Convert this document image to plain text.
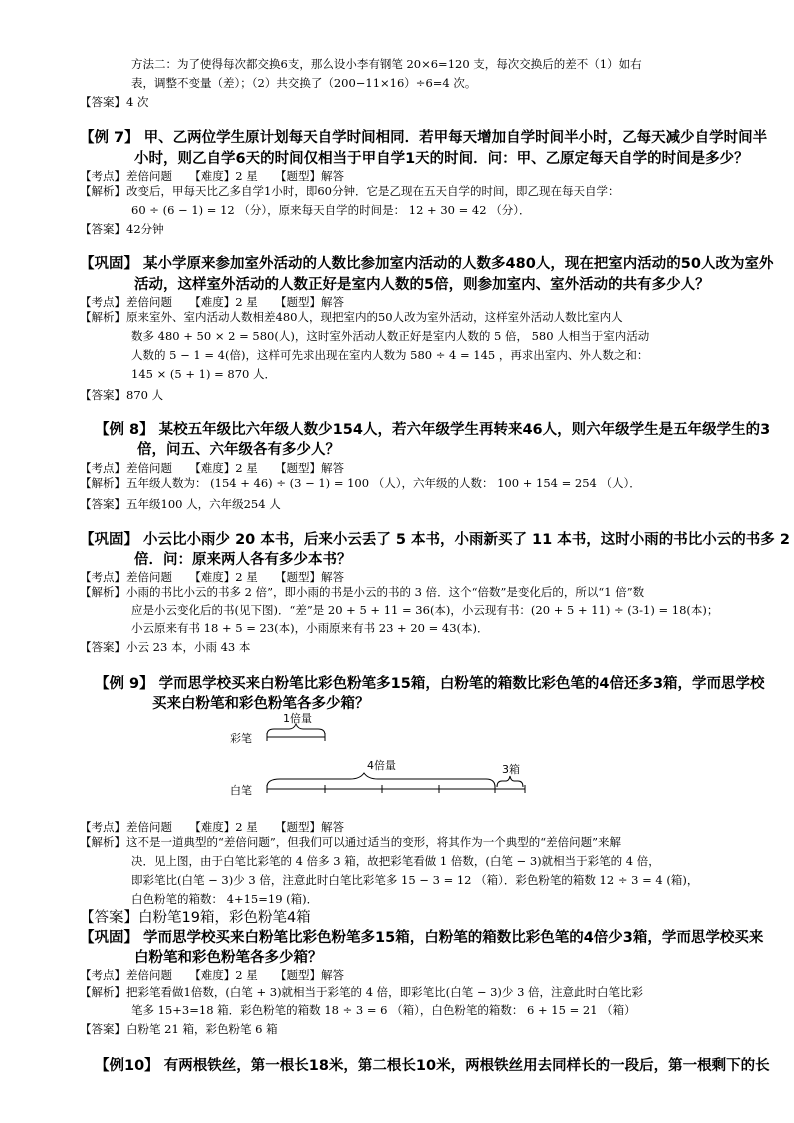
方法二：为了使得每次都交换6支，那么设小李有钢笔 20×6=120 支，每次交换后的差不（1）如右
表，调整不变量（差）；（2）共交换了（200−11×16）÷6=4 次。
【答案】4 次
【例 7】 甲、乙两位学生原计划每天自学时间相同．若甲每天增加自学时间半小时，乙每天减少自学时间半
小时，则乙自学6天的时间仅相当于甲自学1天的时间．问：甲、乙原定每天自学的时间是多少？
【考点】差倍问题　　【难度】2 星　　【题型】解答
【解析】改变后，甲每天比乙多自学1小时，即60分钟．它是乙现在五天自学的时间，即乙现在每天自学：
60 ÷ (6 − 1) = 12 （分），原来每天自学的时间是： 12 + 30 = 42 （分）．
【答案】42分钟
【巩固】 某小学原来参加室外活动的人数比参加室内活动的人数多480人，现在把室内活动的50人改为室外
活动，这样室外活动的人数正好是室内人数的5倍，则参加室内、室外活动的共有多少人？
【考点】差倍问题　　【难度】2 星　　【题型】解答
【解析】原来室外、室内活动人数相差480人，现把室内的50人改为室外活动，这样室外活动人数比室内人
数多 480 + 50 × 2 = 580(人)，这时室外活动人数正好是室内人数的 5 倍， 580 人相当于室内活动
人数的 5 − 1 = 4(倍)，这样可先求出现在室内人数为 580 ÷ 4 = 145 ，再求出室内、外人数之和：
145 × (5 + 1) = 870 人．
【答案】870 人
【例 8】 某校五年级比六年级人数少154人，若六年级学生再转来46人，则六年级学生是五年级学生的3
倍，问五、六年级各有多少人？
【考点】差倍问题　　【难度】2 星　　【题型】解答
【解析】五年级人数为： (154 + 46) ÷ (3 − 1) = 100 （人），六年级的人数： 100 + 154 = 254 （人）．
【答案】五年级100 人，六年级254 人
【巩固】 小云比小雨少 20 本书，后来小云丢了 5 本书，小雨新买了 11 本书，这时小雨的书比小云的书多 2
倍．问：原来两人各有多少本书？
【考点】差倍问题　　【难度】2 星　　【题型】解答
【解析】小雨的书比小云的书多 2 倍”，即小雨的书是小云的书的 3 倍．这个“倍数”是变化后的，所以“1 倍”数
应是小云变化后的书(见下图)．“差”是 20 + 5 + 11 = 36(本)，小云现有书：(20 + 5 + 11) ÷ (3-1) = 18(本)；
小云原来有书 18 + 5 = 23(本)，小雨原来有书 23 + 20 = 43(本)．
【答案】小云 23 本，小雨 43 本
【例 9】 学而思学校买来白粉笔比彩色粉笔多15箱，白粉笔的箱数比彩色笔的4倍还多3箱，学而思学校
买来白粉笔和彩色粉笔各多少箱？
1倍量
彩笔
4倍量
白笔
3箱
【考点】差倍问题　　【难度】2 星　　【题型】解答
【解析】这不是一道典型的“差倍问题”，但我们可以通过适当的变形，将其作为一个典型的“差倍问题”来解
决．见上图，由于白笔比彩笔的 4 倍多 3 箱，故把彩笔看做 1 倍数，(白笔 − 3)就相当于彩笔的 4 倍，
即彩笔比(白笔 − 3)少 3 倍，注意此时白笔比彩笔多 15 − 3 = 12 （箱）．彩色粉笔的箱数 12 ÷ 3 = 4 (箱)，
白色粉笔的箱数： 4+15=19 (箱)．
【答案】白粉笔19箱，彩色粉笔4箱
【巩固】 学而思学校买来白粉笔比彩色粉笔多15箱，白粉笔的箱数比彩色笔的4倍少3箱，学而思学校买来
白粉笔和彩色粉笔各多少箱？
【考点】差倍问题　　【难度】2 星　　【题型】解答
【解析】把彩笔看做1倍数，(白笔 + 3)就相当于彩笔的 4 倍，即彩笔比(白笔 − 3)少 3 倍，注意此时白笔比彩
笔多 15+3=18 箱．彩色粉笔的箱数 18 ÷ 3 = 6 （箱），白色粉笔的箱数： 6 + 15 = 21 （箱）
【答案】白粉笔 21 箱，彩色粉笔 6 箱
【例10】 有两根铁丝，第一根长18米，第二根长10米，两根铁丝用去同样长的一段后，第一根剩下的长
